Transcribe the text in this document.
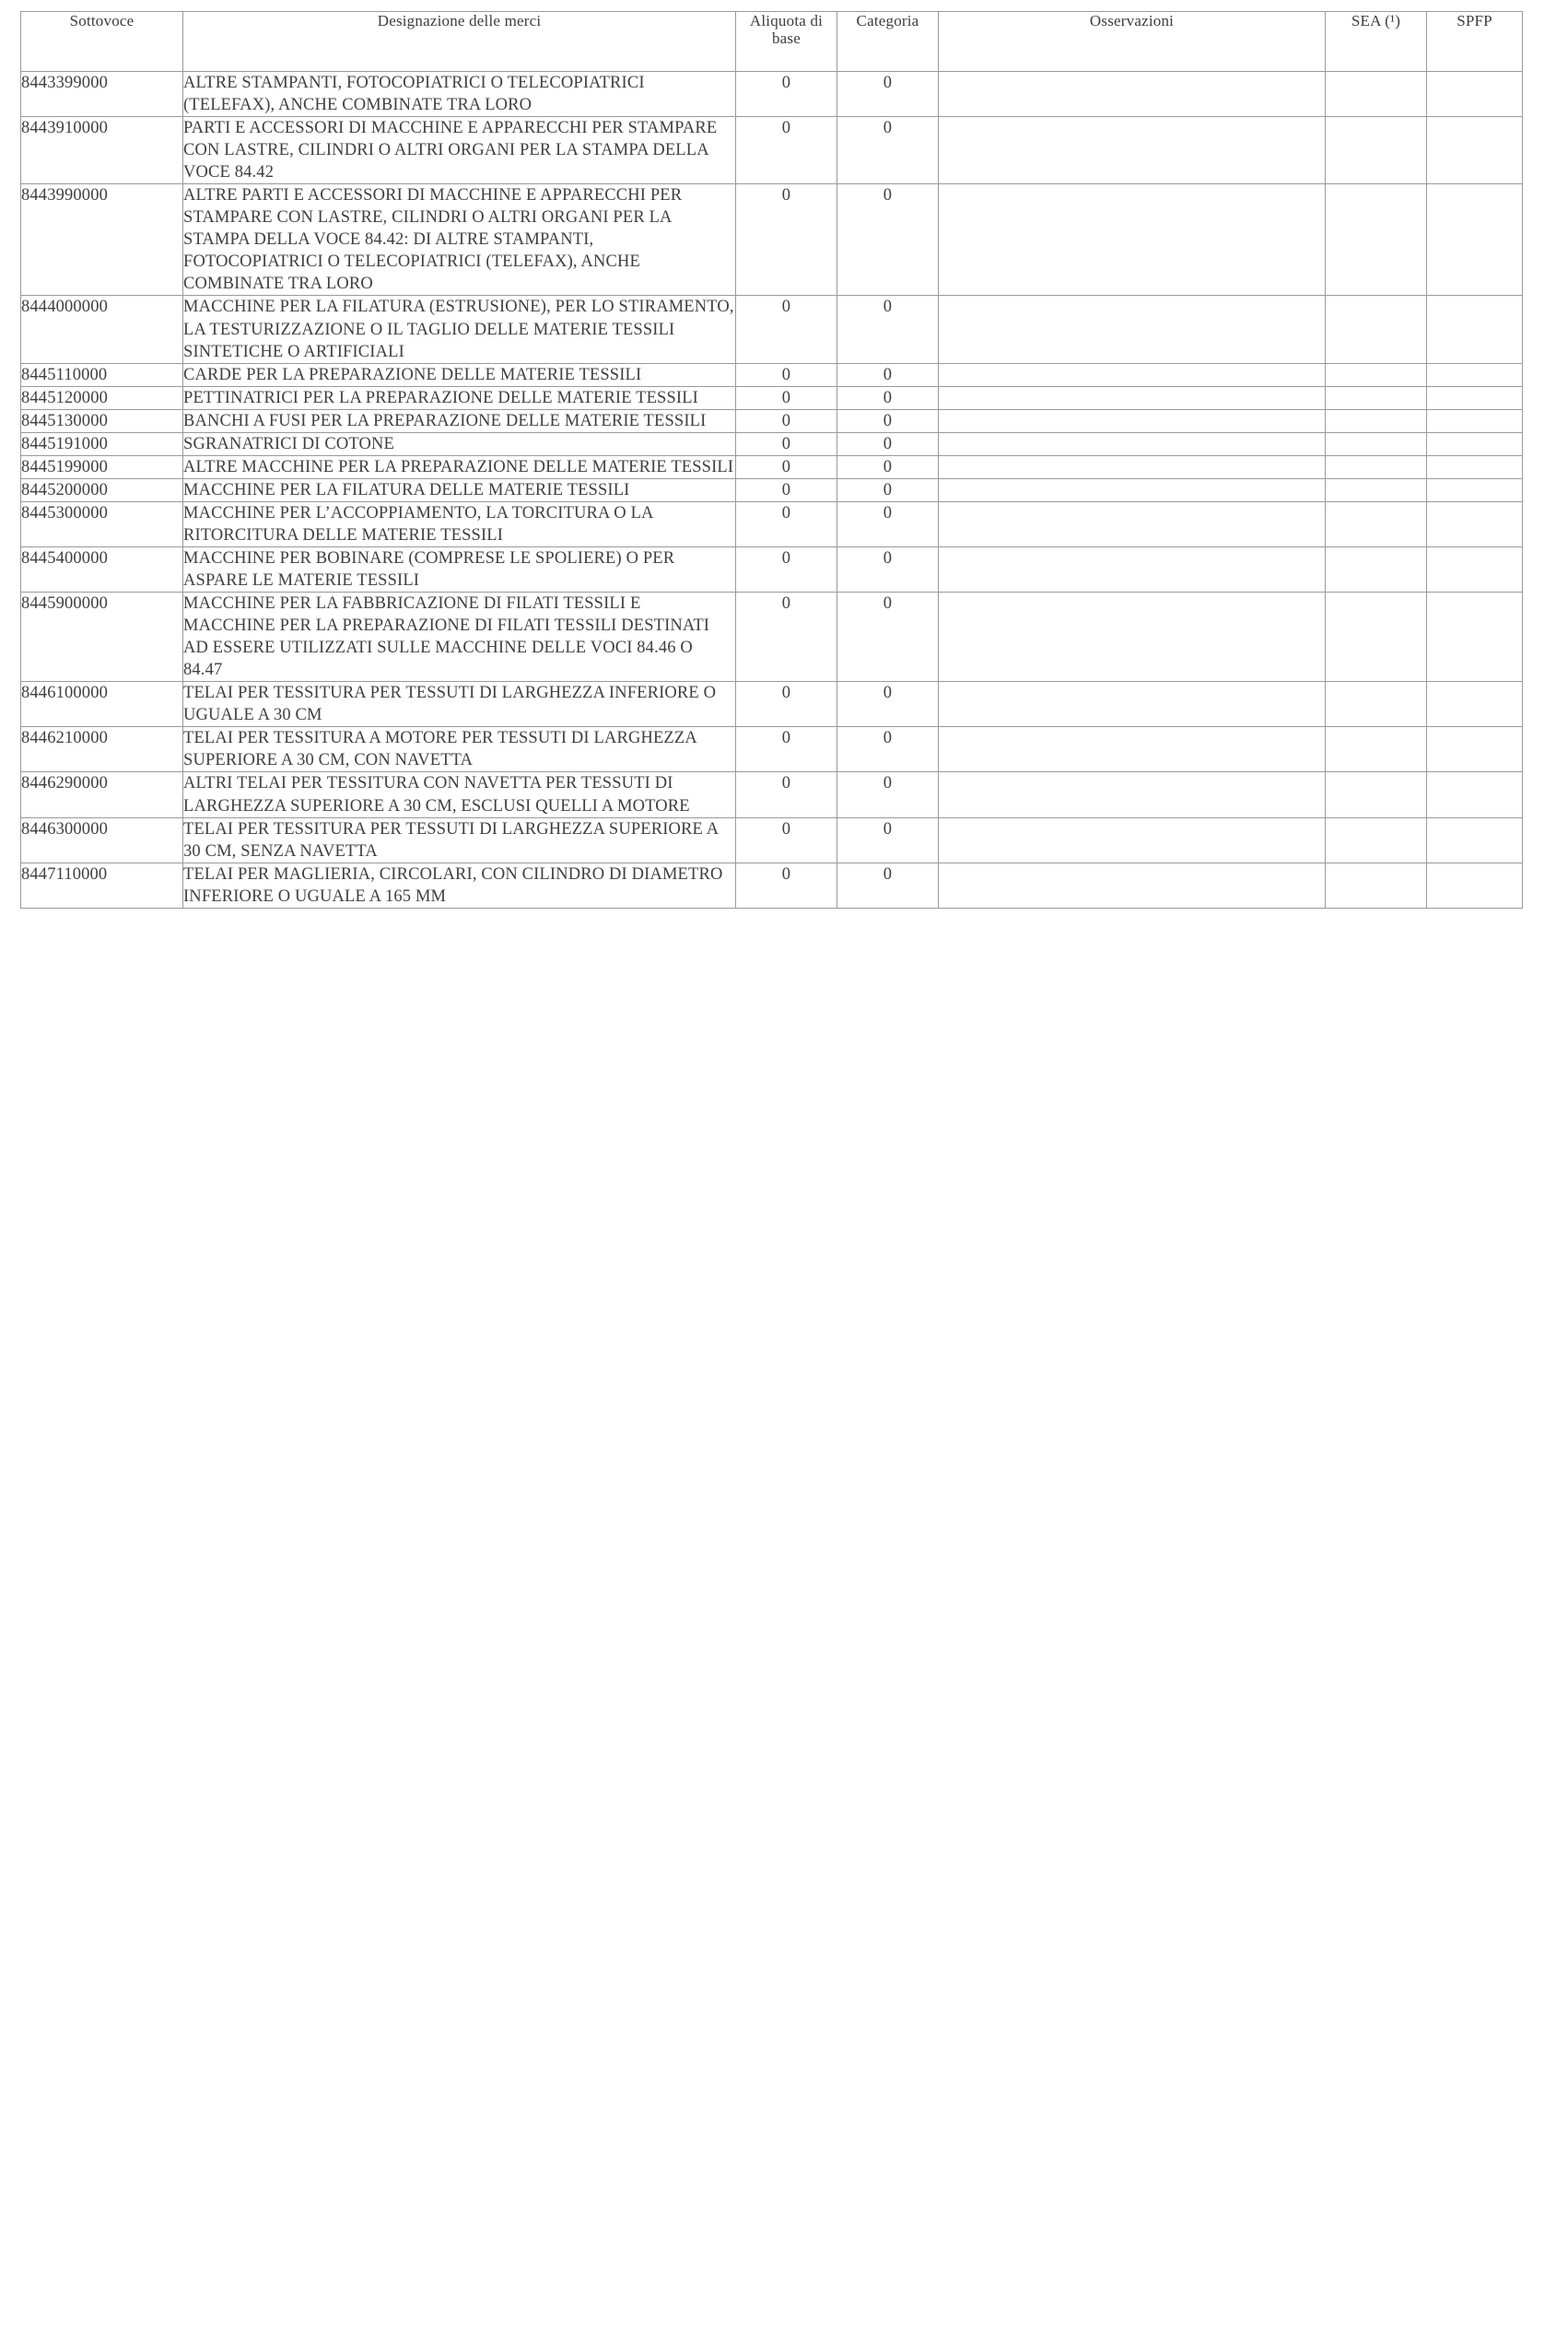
Sottovoce	Designazione delle merci	Aliquota di base	Categoria	Osservazioni	SEA (¹)	SPFP

8443399000	ALTRE STAMPANTI, FOTOCOPIATRICI O TELECOPIATRICI (TELEFAX), ANCHE COMBINATE TRA LORO	0	0			
8443910000	PARTI E ACCESSORI DI MACCHINE E APPARECCHI PER STAMPARE CON LASTRE, CILINDRI O ALTRI ORGANI PER LA STAMPA DELLA VOCE 84.42	0	0			
8443990000	ALTRE PARTI E ACCESSORI DI MACCHINE E APPARECCHI PER STAMPARE CON LASTRE, CILINDRI O ALTRI ORGANI PER LA STAMPA DELLA VOCE 84.42: DI ALTRE STAMPANTI, FOTOCOPIATRICI O TELECOPIATRICI (TELEFAX), ANCHE COMBINATE TRA LORO	0	0			
8444000000	MACCHINE PER LA FILATURA (ESTRUSIONE), PER LO STIRAMENTO, LA TESTURIZZAZIONE O IL TAGLIO DELLE MATERIE TESSILI SINTETICHE O ARTIFICIALI	0	0			
8445110000	CARDE PER LA PREPARAZIONE DELLE MATERIE TESSILI	0	0			
8445120000	PETTINATRICI PER LA PREPARAZIONE DELLE MATERIE TESSILI	0	0			
8445130000	BANCHI A FUSI PER LA PREPARAZIONE DELLE MATERIE TESSILI	0	0			
8445191000	SGRANATRICI DI COTONE	0	0			
8445199000	ALTRE MACCHINE PER LA PREPARAZIONE DELLE MATERIE TESSILI	0	0			
8445200000	MACCHINE PER LA FILATURA DELLE MATERIE TESSILI	0	0			
8445300000	MACCHINE PER L’ACCOPPIAMENTO, LA TORCITURA O LA RITORCITURA DELLE MATERIE TESSILI	0	0			
8445400000	MACCHINE PER BOBINARE (COMPRESE LE SPOLIERE) O PER ASPARE LE MATERIE TESSILI	0	0			
8445900000	MACCHINE PER LA FABBRICAZIONE DI FILATI TESSILI E MACCHINE PER LA PREPARAZIONE DI FILATI TESSILI DESTINATI AD ESSERE UTILIZZATI SULLE MACCHINE DELLE VOCI 84.46 O 84.47	0	0			
8446100000	TELAI PER TESSITURA PER TESSUTI DI LARGHEZZA INFERIORE O UGUALE A 30 CM	0	0			
8446210000	TELAI PER TESSITURA A MOTORE PER TESSUTI DI LARGHEZZA SUPERIORE A 30 CM, CON NAVETTA	0	0			
8446290000	ALTRI TELAI PER TESSITURA CON NAVETTA PER TESSUTI DI LARGHEZZA SUPERIORE A 30 CM, ESCLUSI QUELLI A MOTORE	0	0			
8446300000	TELAI PER TESSITURA PER TESSUTI DI LARGHEZZA SUPERIORE A 30 CM, SENZA NAVETTA	0	0			
8447110000	TELAI PER MAGLIERIA, CIRCOLARI, CON CILINDRO DI DIAMETRO INFERIORE O UGUALE A 165 MM	0	0			
